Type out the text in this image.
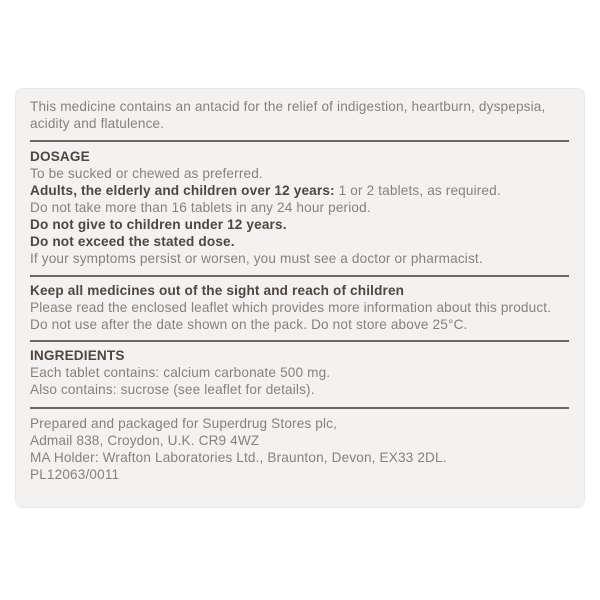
This medicine contains an antacid for the relief of indigestion, heartburn, dyspepsia, acidity and flatulence.

DOSAGE

To be sucked or chewed as preferred.

Adults, the elderly and children over 12 years: 1 or 2 tablets, as required.

Do not take more than 16 tablets in any 24 hour period.

Do not give to children under 12 years.

Do not exceed the stated dose.

If your symptoms persist or worsen, you must see a doctor or pharmacist.

Keep all medicines out of the sight and reach of children

Please read the enclosed leaflet which provides more information about this product.

Do not use after the date shown on the pack. Do not store above 25°C.

INGREDIENTS

Each tablet contains: calcium carbonate 500 mg.

Also contains: sucrose (see leaflet for details).

Prepared and packaged for Superdrug Stores plc,

Admail 838, Croydon, U.K. CR9 4WZ

MA Holder: Wrafton Laboratories Ltd., Braunton, Devon, EX33 2DL.

PL12063/0011
